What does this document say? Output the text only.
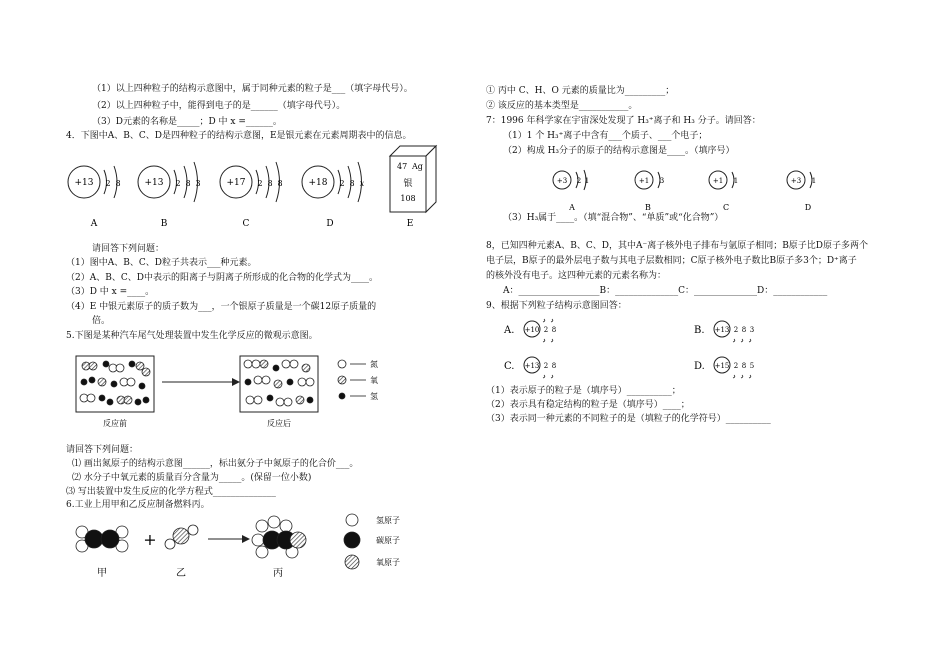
（1）以上四种粒子的结构示意图中，属于同种元素的粒子是___（填字母代号）。
（2）以上四种粒子中，能得到电子的是______（填字母代号）。
（3）D元素的名称是_____；D 中 x =______。
4．下图中A、B、C、D是四种粒子的结构示意图，E是银元素在元素周期表中的信息。
+13 2 8
A
+13 2 8 3
B
+17 2 8 8
C
+18 2 8 x
D
47 Ag
银
108
E
请回答下列问题：
（1）图中A、B、C、D粒子共表示___种元素。
（2）A、B、C、D中表示的阳离子与阴离子所形成的化合物的化学式为____。
（3）D 中 x =____。
（4）E 中银元素原子的质子数为___，一个银原子质量是一个碳12原子质量的
倍。
5.下图是某种汽车尾气处理装置中发生化学反应的微观示意图。
氮
氧
氢
反应前	反应后
请回答下列问题：
⑴ 画出氮原子的结构示意图______，标出氨分子中氮原子的化合价___。
⑵ 水分子中氧元素的质量百分含量为_____。(保留一位小数)
⑶ 写出装置中发生反应的化学方程式______________
6.工业上用甲和乙反应制备燃料丙。
+
氢原子
碳原子
氧原子
甲	乙	丙
① 丙中 C、H、O 元素的质量比为_________；
② 该反应的基本类型是___________。
7：1996 年科学家在宇宙深处发现了 H₃⁺离子和 H₃ 分子。请回答：
（1）1 个 H₃⁺离子中含有___个质子、___个电子；
（2）构成 H₃分子的原子的结构示意图是____。（填序号）
+3 2 1
A
+1 3
B
+1 1
C
+3 1
D
（3）H₃属于____。（填“混合物”、“单质”或“化合物”）
8，已知四种元素A、B、C、D，其中A⁻离子核外电子排布与氩原子相同；B原子比D原子多两个
电子层，B原子的最外层电子数与其电子层数相同；C原子核外电子数比B原子多3个；D⁺离子
的核外没有电子。这四种元素的元素名称为：
A：__________________B：______________C：______________D：____________
9、根据下列粒子结构示意图回答：
A. +10 2 8	B. +13 2 8 3
C. +13 2 8	D. +15 2 8 5
（1）表示原子的粒子是（填序号）__________；
（2）表示具有稳定结构的粒子是（填序号）____；
（3）表示同一种元素的不同粒子的是（填粒子的化学符号）__________
